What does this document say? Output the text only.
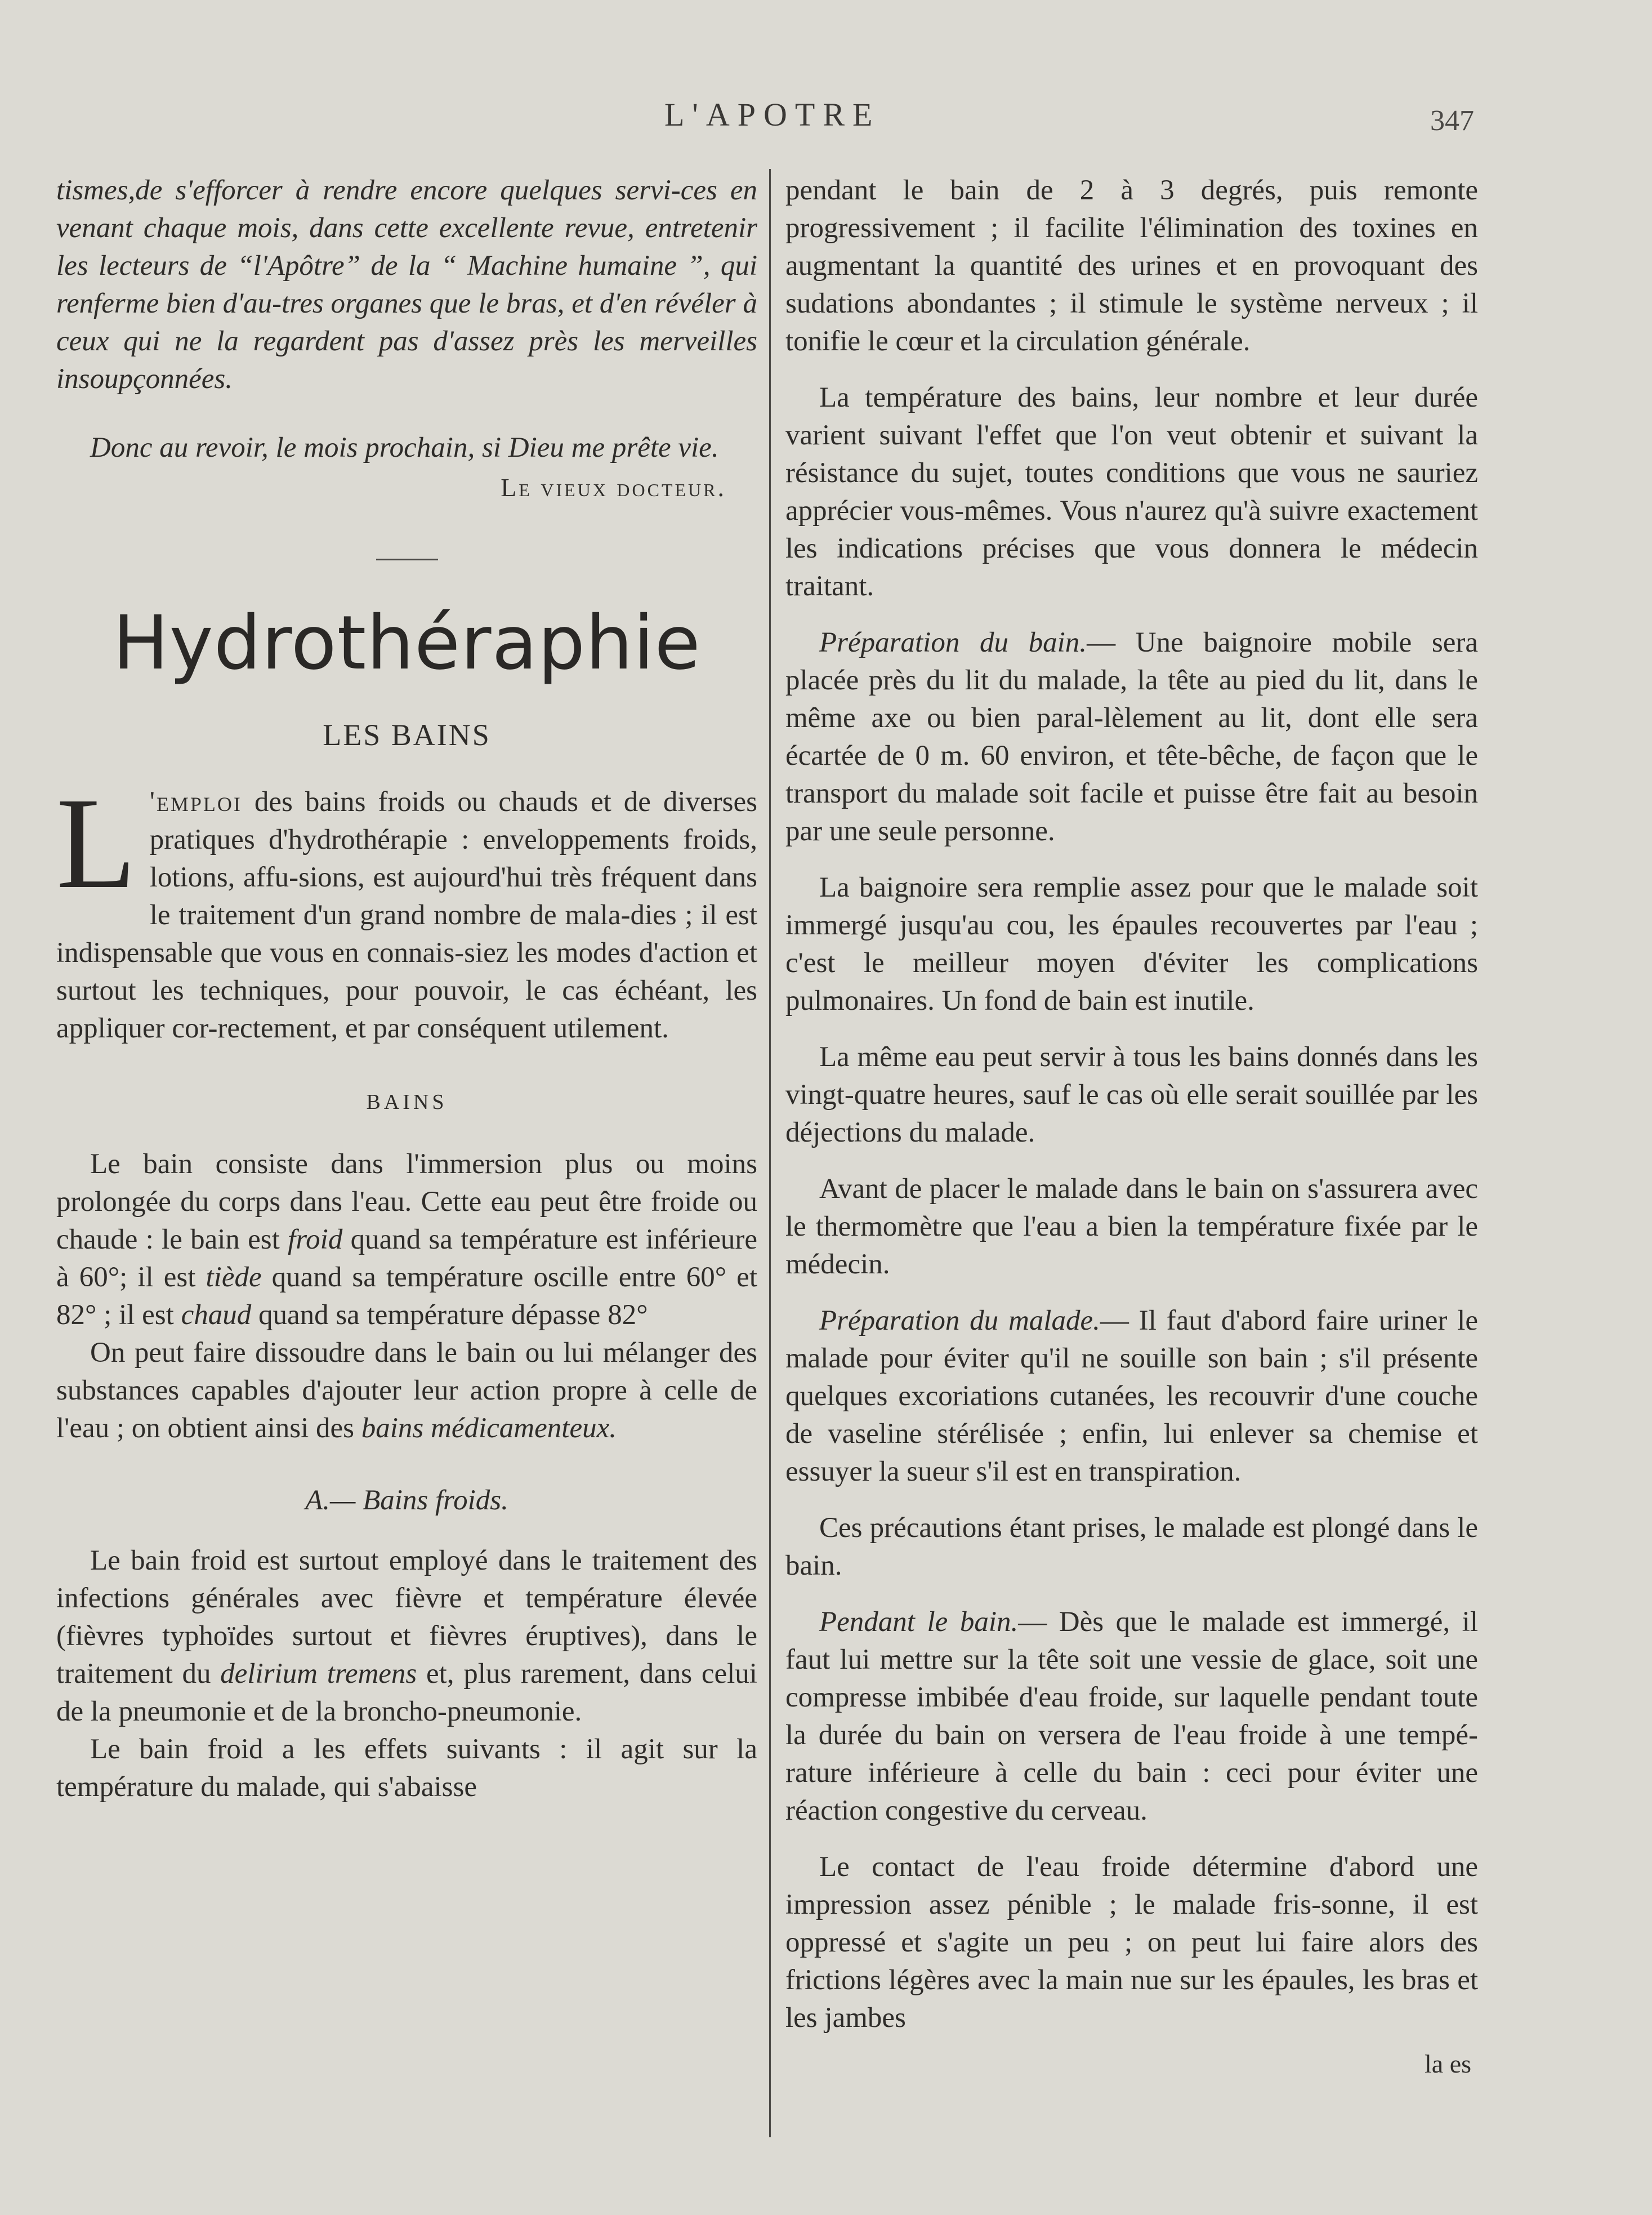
L'APOTRE	347

tismes,de s'efforcer à rendre encore quelques servi-ces en venant chaque mois, dans cette excellente revue, entretenir les lecteurs de “l'Apôtre” de la “ Machine humaine ”, qui renferme bien d'au-tres organes que le bras, et d'en révéler à ceux qui ne la regardent pas d'assez près les merveilles insoupçonnées.

Donc au revoir, le mois prochain, si Dieu me prête vie.

Le vieux docteur.
Hydrothéraphie
LES BAINS

L 'emploi des bains froids ou chauds et de diverses pratiques d'hydrothérapie : enveloppements froids, lotions, affu-sions, est aujourd'hui très fréquent dans le traitement d'un grand nombre de mala-dies ; il est indispensable que vous en connais-siez les modes d'action et surtout les techniques, pour pouvoir, le cas échéant, les appliquer cor-rectement, et par conséquent utilement.

BAINS

Le bain consiste dans l'immersion plus ou moins prolongée du corps dans l'eau. Cette eau peut être froide ou chaude : le bain est froid quand sa température est inférieure à 60°; il est tiède quand sa température oscille entre 60° et 82° ; il est chaud quand sa température dépasse 82°

On peut faire dissoudre dans le bain ou lui mélanger des substances capables d'ajouter leur action propre à celle de l'eau ; on obtient ainsi des bains médicamenteux.

A.— Bains froids.

Le bain froid est surtout employé dans le traitement des infections générales avec fièvre et température élevée (fièvres typhoïdes surtout et fièvres éruptives), dans le traitement du delirium tremens et, plus rarement, dans celui de la pneumonie et de la broncho-pneumonie.

Le bain froid a les effets suivants : il agit sur la température du malade, qui s'abaisse

pendant le bain de 2 à 3 degrés, puis remonte progressivement ; il facilite l'élimination des toxines en augmentant la quantité des urines et en provoquant des sudations abondantes ; il stimule le système nerveux ; il tonifie le cœur et la circulation générale.

La température des bains, leur nombre et leur durée varient suivant l'effet que l'on veut obtenir et suivant la résistance du sujet, toutes conditions que vous ne sauriez apprécier vous-mêmes. Vous n'aurez qu'à suivre exactement les indications précises que vous donnera le médecin traitant.

Préparation du bain.— Une baignoire mobile sera placée près du lit du malade, la tête au pied du lit, dans le même axe ou bien paral-lèlement au lit, dont elle sera écartée de 0 m. 60 environ, et tête-bêche, de façon que le transport du malade soit facile et puisse être fait au besoin par une seule personne.

La baignoire sera remplie assez pour que le malade soit immergé jusqu'au cou, les épaules recouvertes par l'eau ; c'est le meilleur moyen d'éviter les complications pulmonaires. Un fond de bain est inutile.

La même eau peut servir à tous les bains donnés dans les vingt-quatre heures, sauf le cas où elle serait souillée par les déjections du malade.

Avant de placer le malade dans le bain on s'assurera avec le thermomètre que l'eau a bien la température fixée par le médecin.

Préparation du malade.— Il faut d'abord faire uriner le malade pour éviter qu'il ne souille son bain ; s'il présente quelques excoriations cutanées, les recouvrir d'une couche de vaseline stérélisée ; enfin, lui enlever sa chemise et essuyer la sueur s'il est en transpiration.

Ces précautions étant prises, le malade est plongé dans le bain.

Pendant le bain.— Dès que le malade est immergé, il faut lui mettre sur la tête soit une vessie de glace, soit une compresse imbibée d'eau froide, sur laquelle pendant toute la durée du bain on versera de l'eau froide à une tempé-rature inférieure à celle du bain : ceci pour éviter une réaction congestive du cerveau.

Le contact de l'eau froide détermine d'abord une impression assez pénible ; le malade fris-sonne, il est oppressé et s'agite un peu ; on peut lui faire alors des frictions légères avec la main nue sur les épaules, les bras et les jambes

la es
